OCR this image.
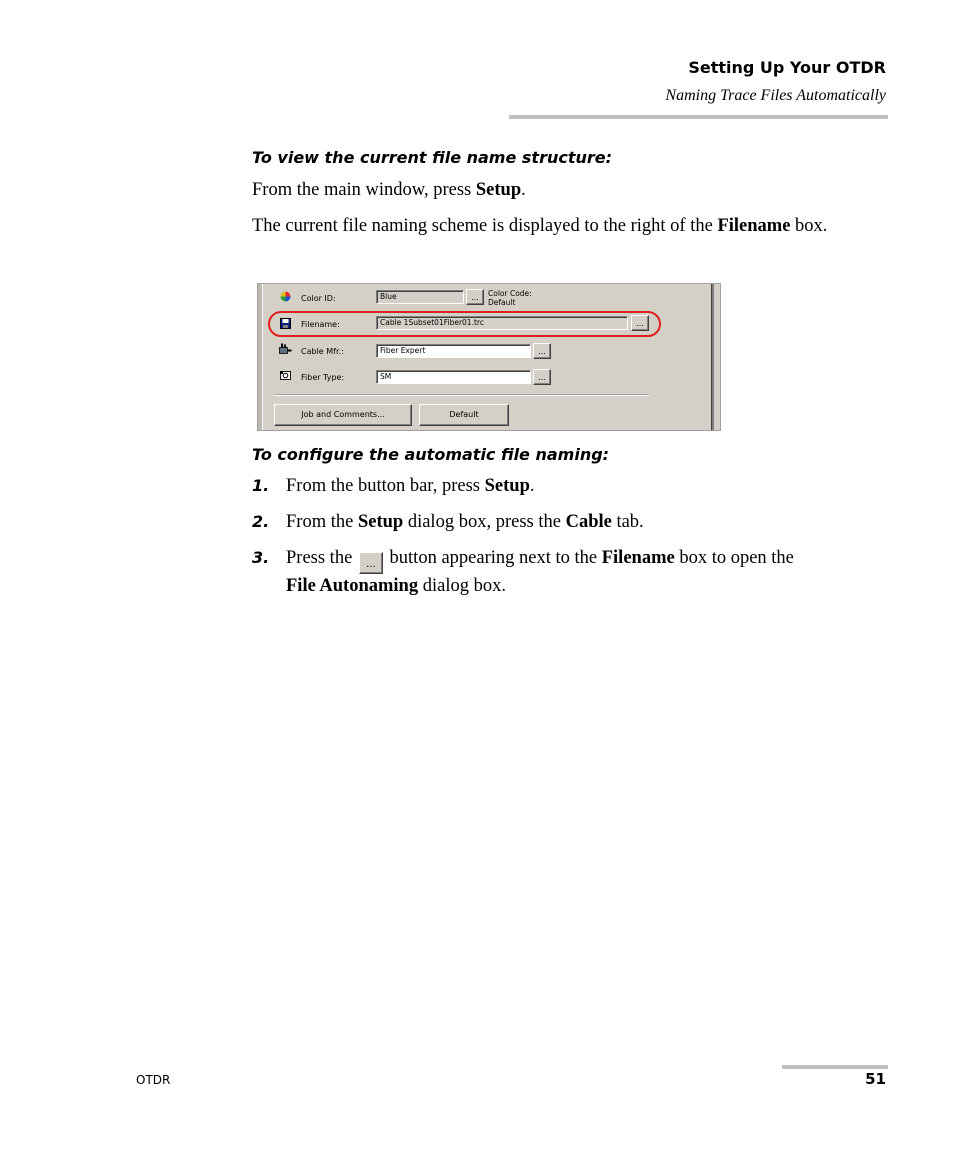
Setting Up Your OTDR
Naming Trace Files Automatically
To view the current file name structure:
From the main window, press Setup.
The current file naming scheme is displayed to the right of the Filename box.
Color ID:	Blue	...	Color Code:
Default
Filename:	Cable 1Subset01Fiber01.trc	...
Cable Mfr.:	Fiber Expert	...
Fiber Type:	SM	...
Job and Comments...	Default
To configure the automatic file naming:
1. From the button bar, press Setup.
2. From the Setup dialog box, press the Cable tab.
3. Press the ... button appearing next to the Filename box to open the
File Autonaming dialog box.
OTDR	51
